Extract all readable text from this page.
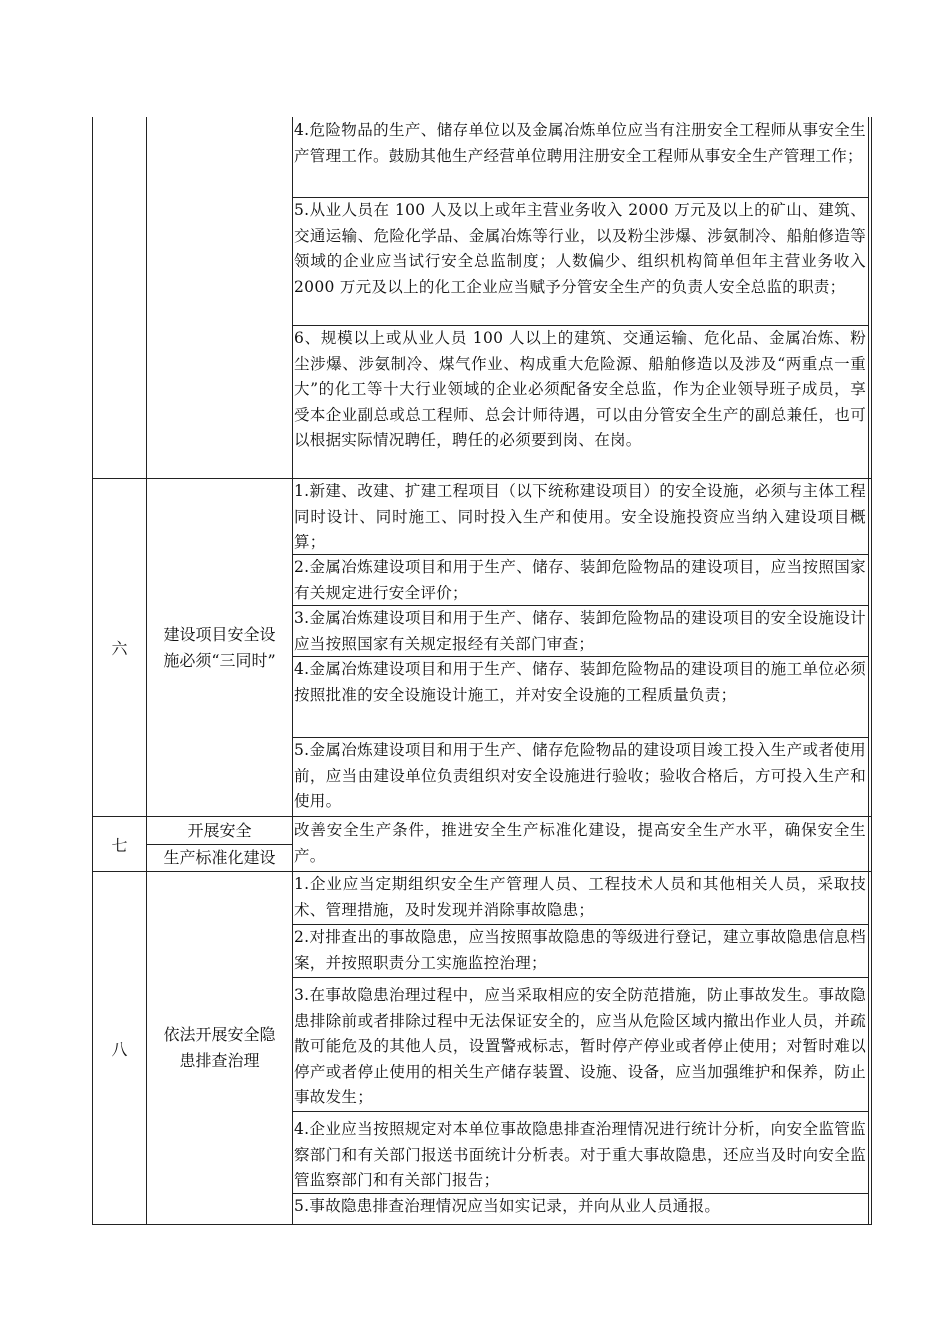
4.危险物品的生产、储存单位以及金属冶炼单位应当有注册安全工程师从事安全生产管理工作。鼓励其他生产经营单位聘用注册安全工程师从事安全生产管理工作；
5.从业人员在 100 人及以上或年主营业务收入 2000 万元及以上的矿山、建筑、交通运输、危险化学品、金属冶炼等行业，以及粉尘涉爆、涉氨制冷、船舶修造等领域的企业应当试行安全总监制度；人数偏少、组织机构简单但年主营业务收入 2000 万元及以上的化工企业应当赋予分管安全生产的负责人安全总监的职责；
6、规模以上或从业人员 100 人以上的建筑、交通运输、危化品、金属冶炼、粉尘涉爆、涉氨制冷、煤气作业、构成重大危险源、船舶修造以及涉及“两重点一重大”的化工等十大行业领域的企业必须配备安全总监，作为企业领导班子成员，享受本企业副总或总工程师、总会计师待遇，可以由分管安全生产的副总兼任，也可以根据实际情况聘任，聘任的必须要到岗、在岗。
六
建设项目安全设
施必须“三同时”
1.新建、改建、扩建工程项目（以下统称建设项目）的安全设施，必须与主体工程同时设计、同时施工、同时投入生产和使用。安全设施投资应当纳入建设项目概算；
2.金属冶炼建设项目和用于生产、储存、装卸危险物品的建设项目，应当按照国家有关规定进行安全评价；
3.金属冶炼建设项目和用于生产、储存、装卸危险物品的建设项目的安全设施设计应当按照国家有关规定报经有关部门审查；
4.金属冶炼建设项目和用于生产、储存、装卸危险物品的建设项目的施工单位必须按照批准的安全设施设计施工，并对安全设施的工程质量负责；
5.金属冶炼建设项目和用于生产、储存危险物品的建设项目竣工投入生产或者使用前，应当由建设单位负责组织对安全设施进行验收；验收合格后，方可投入生产和使用。
七
开展安全
生产标准化建设
改善安全生产条件，推进安全生产标准化建设，提高安全生产水平，确保安全生产。
八
依法开展安全隐
患排查治理
1.企业应当定期组织安全生产管理人员、工程技术人员和其他相关人员，采取技术、管理措施，及时发现并消除事故隐患；
2.对排查出的事故隐患，应当按照事故隐患的等级进行登记，建立事故隐患信息档案，并按照职责分工实施监控治理；
3.在事故隐患治理过程中，应当采取相应的安全防范措施，防止事故发生。事故隐患排除前或者排除过程中无法保证安全的，应当从危险区域内撤出作业人员，并疏散可能危及的其他人员，设置警戒标志，暂时停产停业或者停止使用；对暂时难以停产或者停止使用的相关生产储存装置、设施、设备，应当加强维护和保养，防止事故发生；
4.企业应当按照规定对本单位事故隐患排查治理情况进行统计分析，向安全监管监察部门和有关部门报送书面统计分析表。对于重大事故隐患，还应当及时向安全监管监察部门和有关部门报告；
5.事故隐患排查治理情况应当如实记录，并向从业人员通报。
